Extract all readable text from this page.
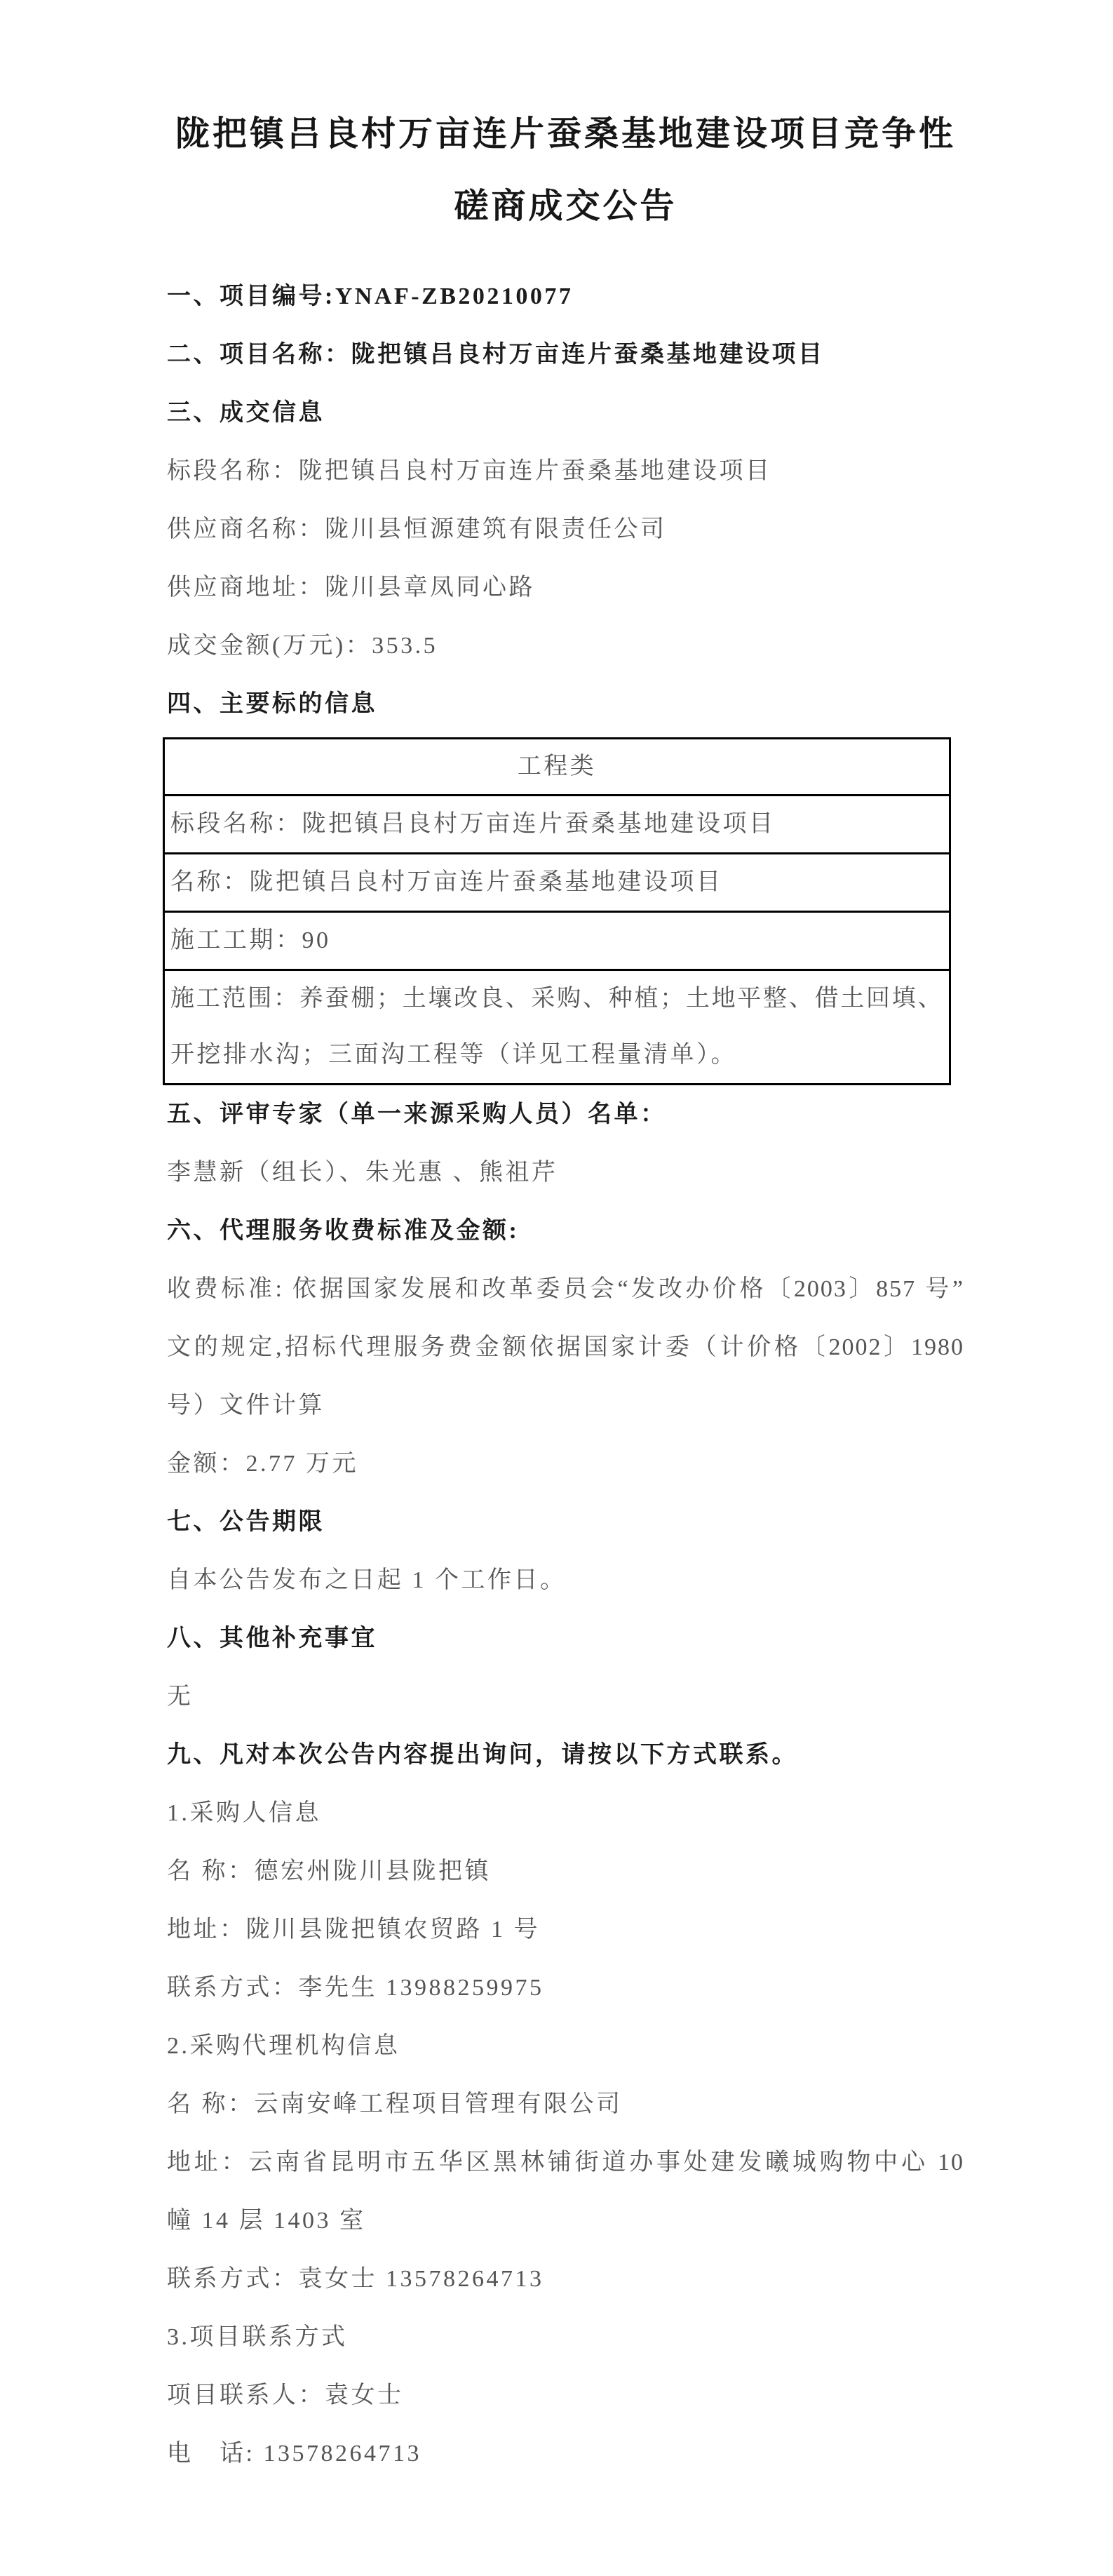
陇把镇吕良村万亩连片蚕桑基地建设项目竞争性磋商成交公告

一、项目编号:YNAF-ZB20210077

二、项目名称：陇把镇吕良村万亩连片蚕桑基地建设项目

三、成交信息

标段名称：陇把镇吕良村万亩连片蚕桑基地建设项目

供应商名称：陇川县恒源建筑有限责任公司

供应商地址：陇川县章凤同心路

成交金额(万元)：353.5

四、主要标的信息

工程类
标段名称：陇把镇吕良村万亩连片蚕桑基地建设项目
名称：陇把镇吕良村万亩连片蚕桑基地建设项目
施工工期：90

施工范围：养蚕棚；土壤改良、采购、种植；土地平整、借土回填、
开挖排水沟；三面沟工程等（详见工程量清单）。

五、评审专家（单一来源采购人员）名单：

李慧新（组长）、朱光惠 、熊祖芹

六、代理服务收费标准及金额:

收费标准: 依据国家发展和改革委员会“发改办价格〔2003〕857 号”
文的规定,招标代理服务费金额依据国家计委（计价格〔2002〕1980
号）文件计算

金额：2.77 万元

七、公告期限

自本公告发布之日起 1 个工作日。

八、其他补充事宜

无

九、凡对本次公告内容提出询问，请按以下方式联系。

1.采购人信息

名 称：德宏州陇川县陇把镇

地址：陇川县陇把镇农贸路 1 号

联系方式：李先生 13988259975

2.采购代理机构信息

名 称：云南安峰工程项目管理有限公司

地址：云南省昆明市五华区黑林铺街道办事处建发曦城购物中心 10
幢 14 层 1403 室

联系方式：袁女士 13578264713

3.项目联系方式

项目联系人：袁女士

电　话: 13578264713
